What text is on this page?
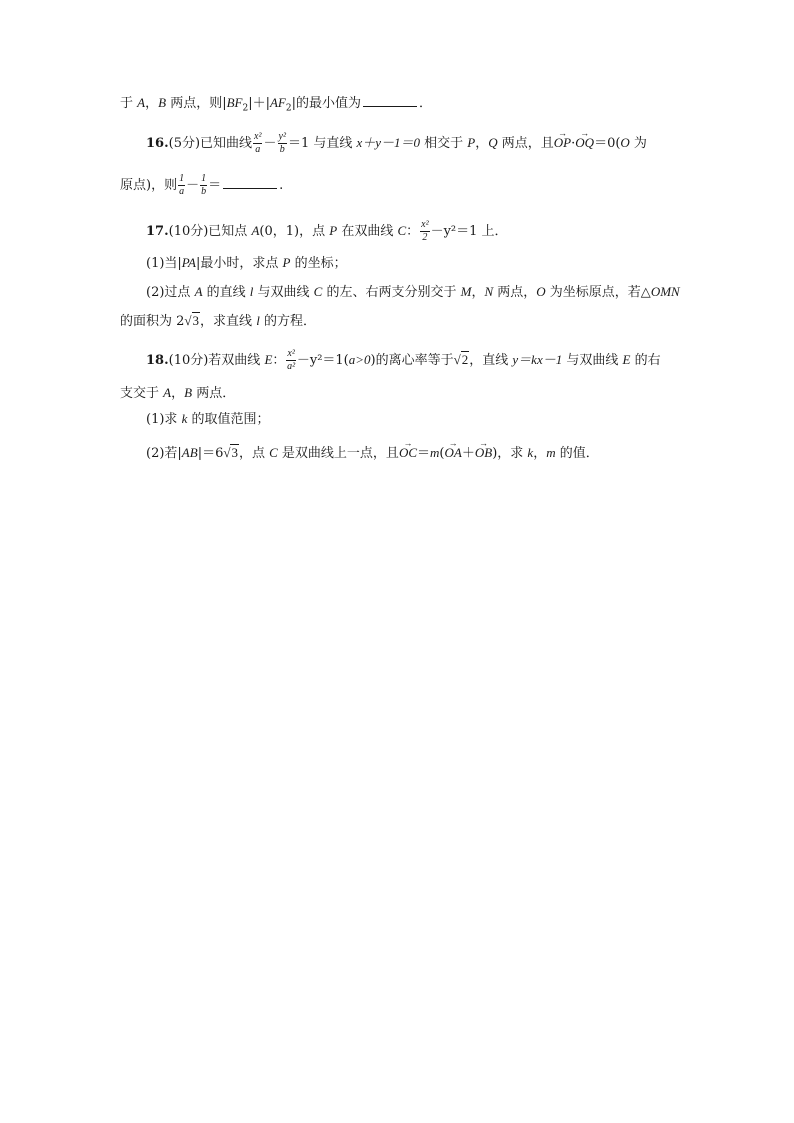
于 A，B 两点，则$|BF_2|+|AF_2|$的最小值为	．
16.(5分)已知曲线 $\frac{\text{x²}}{a} - \frac{\text{y²}}{b} =1$ 与直线 x＋y－1＝0 相交于 P，Q 两点，且→ OP·→ OQ＝0(O 为
原点)，则 $\frac{1}{a} - \frac{1}{b}$ ＝	.
17.(10分)已知点 A(0，1)，点 P 在双曲线 C： $\frac{\text{x²}}{2} -y^2=1$ 上．
(1)当|PA|最小时，求点 P 的坐标；
(2)过点 A 的直线 l 与双曲线 C 的左、右两支分别交于 M，N 两点，O 为坐标原点，若△OMN
的面积为 2√3，求直线 l 的方程．
18.(10分)若双曲线 E： $\frac{\text{x²}}{\text{a²}} -y^2=1(a>0)$的离心率等于√2，直线 y＝kx－1 与双曲线 E 的右
支交于 A，B 两点．
(1)求 k 的取值范围；
(2)若|AB|＝6√3，点 C 是双曲线上一点，且→ OC＝m(→ OA＋→ OB)，求 k，m 的值．
